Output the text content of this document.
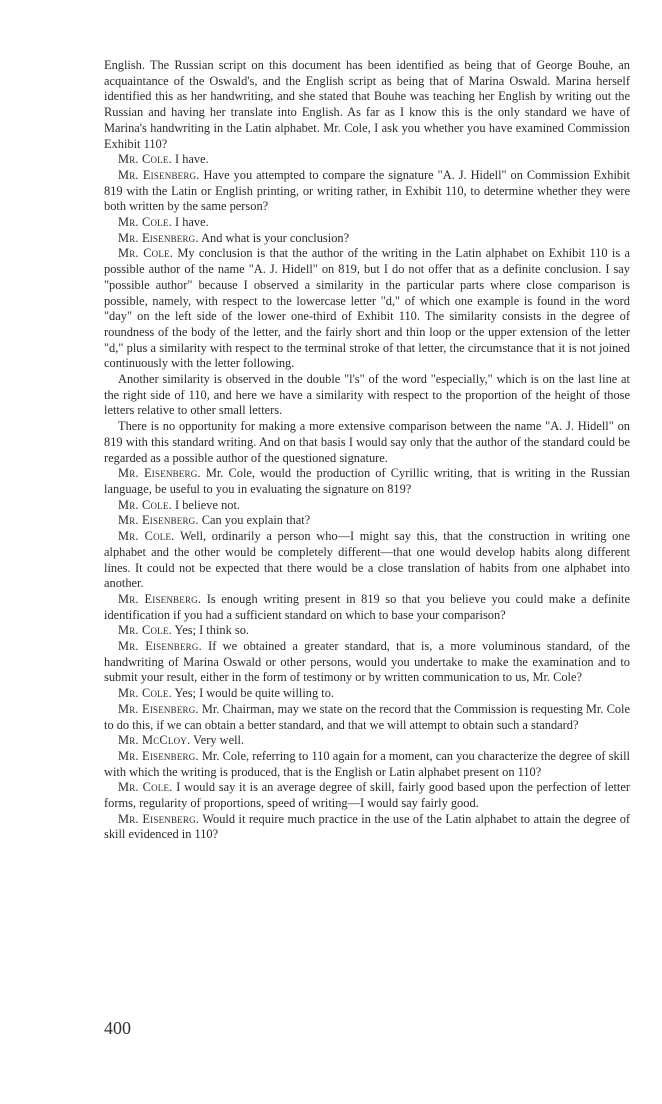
English. The Russian script on this document has been identified as being that of George Bouhe, an acquaintance of the Oswald's, and the English script as being that of Marina Oswald. Marina herself identified this as her handwriting, and she stated that Bouhe was teaching her English by writing out the Russian and having her translate into English. As far as I know this is the only standard we have of Marina's handwriting in the Latin alphabet. Mr. Cole, I ask you whether you have examined Commission Exhibit 110?

Mr. Cole. I have.

Mr. Eisenberg. Have you attempted to compare the signature "A. J. Hidell" on Commission Exhibit 819 with the Latin or English printing, or writing rather, in Exhibit 110, to determine whether they were both written by the same person?

Mr. Cole. I have.

Mr. Eisenberg. And what is your conclusion?

Mr. Cole. My conclusion is that the author of the writing in the Latin alphabet on Exhibit 110 is a possible author of the name "A. J. Hidell" on 819, but I do not offer that as a definite conclusion. I say "possible author" because I observed a similarity in the particular parts where close comparison is possible, namely, with respect to the lowercase letter "d," of which one example is found in the word "day" on the left side of the lower one-third of Exhibit 110. The similarity consists in the degree of roundness of the body of the letter, and the fairly short and thin loop or the upper extension of the letter "d," plus a similarity with respect to the terminal stroke of that letter, the circumstance that it is not joined continuously with the letter following.

Another similarity is observed in the double "l's" of the word "especially," which is on the last line at the right side of 110, and here we have a similarity with respect to the proportion of the height of those letters relative to other small letters.

There is no opportunity for making a more extensive comparison between the name "A. J. Hidell" on 819 with this standard writing. And on that basis I would say only that the author of the standard could be regarded as a possible author of the questioned signature.

Mr. Eisenberg. Mr. Cole, would the production of Cyrillic writing, that is writing in the Russian language, be useful to you in evaluating the signature on 819?

Mr. Cole. I believe not.

Mr. Eisenberg. Can you explain that?

Mr. Cole. Well, ordinarily a person who—I might say this, that the construction in writing one alphabet and the other would be completely different—that one would develop habits along different lines. It could not be expected that there would be a close translation of habits from one alphabet into another.

Mr. Eisenberg. Is enough writing present in 819 so that you believe you could make a definite identification if you had a sufficient standard on which to base your comparison?

Mr. Cole. Yes; I think so.

Mr. Eisenberg. If we obtained a greater standard, that is, a more voluminous standard, of the handwriting of Marina Oswald or other persons, would you undertake to make the examination and to submit your result, either in the form of testimony or by written communication to us, Mr. Cole?

Mr. Cole. Yes; I would be quite willing to.

Mr. Eisenberg. Mr. Chairman, may we state on the record that the Commission is requesting Mr. Cole to do this, if we can obtain a better standard, and that we will attempt to obtain such a standard?

Mr. McCloy. Very well.

Mr. Eisenberg. Mr. Cole, referring to 110 again for a moment, can you characterize the degree of skill with which the writing is produced, that is the English or Latin alphabet present on 110?

Mr. Cole. I would say it is an average degree of skill, fairly good based upon the perfection of letter forms, regularity of proportions, speed of writing—I would say fairly good.

Mr. Eisenberg. Would it require much practice in the use of the Latin alphabet to attain the degree of skill evidenced in 110?

400
